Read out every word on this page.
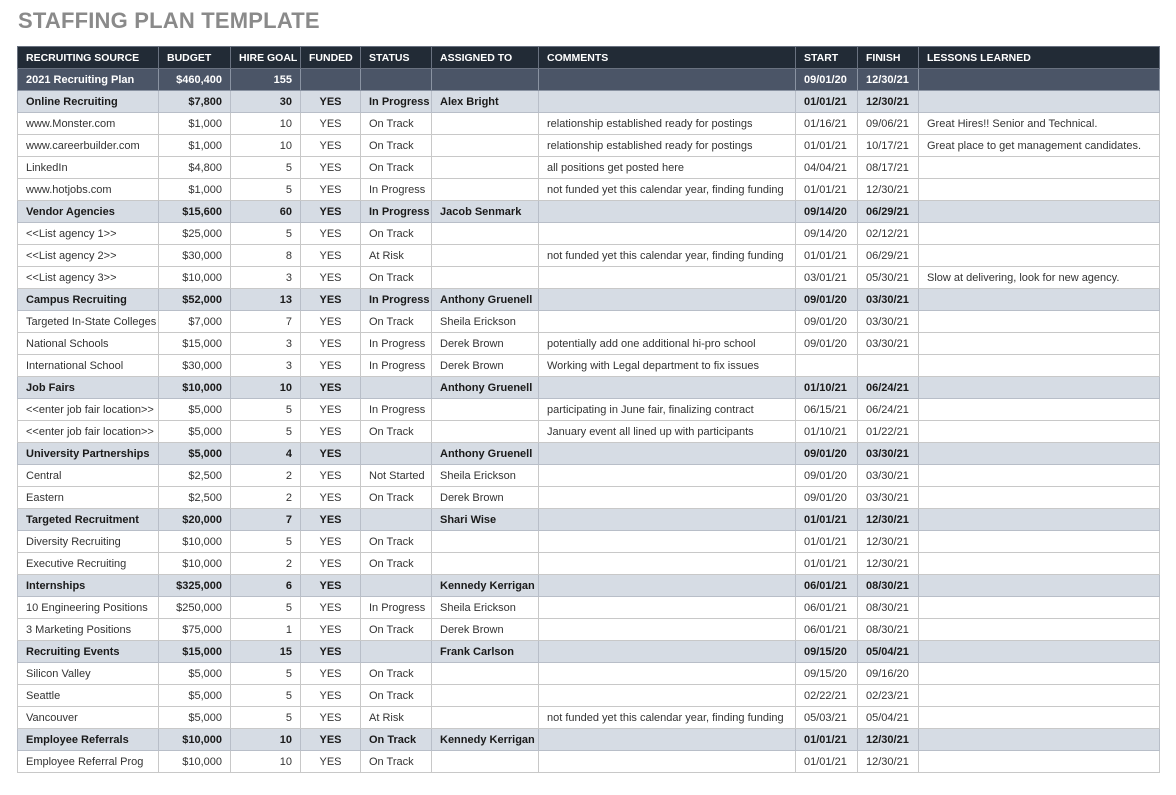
STAFFING PLAN TEMPLATE
RECRUITING SOURCE	BUDGET	HIRE GOAL	FUNDED	STATUS	ASSIGNED TO	COMMENTS	START	FINISH	LESSONS LEARNED
2021 Recruiting Plan	$460,400	155					09/01/20	12/30/21	
Online Recruiting	$7,800	30	YES	In Progress	Alex Bright		01/01/21	12/30/21	
www.Monster.com	$1,000	10	YES	On Track		relationship established ready for postings	01/16/21	09/06/21	Great Hires!! Senior and Technical.
www.careerbuilder.com	$1,000	10	YES	On Track		relationship established ready for postings	01/01/21	10/17/21	Great place to get management candidates.
LinkedIn	$4,800	5	YES	On Track		all positions get posted here	04/04/21	08/17/21	
www.hotjobs.com	$1,000	5	YES	In Progress		not funded yet this calendar year, finding funding	01/01/21	12/30/21	
Vendor Agencies	$15,600	60	YES	In Progress	Jacob Senmark		09/14/20	06/29/21	
<<List agency 1>>	$25,000	5	YES	On Track			09/14/20	02/12/21	
<<List agency 2>>	$30,000	8	YES	At Risk		not funded yet this calendar year, finding funding	01/01/21	06/29/21	
<<List agency 3>>	$10,000	3	YES	On Track			03/01/21	05/30/21	Slow at delivering, look for new agency.
Campus Recruiting	$52,000	13	YES	In Progress	Anthony Gruenell		09/01/20	03/30/21	
Targeted In-State Colleges	$7,000	7	YES	On Track	Sheila Erickson		09/01/20	03/30/21	
National Schools	$15,000	3	YES	In Progress	Derek Brown	potentially add one additional hi-pro school	09/01/20	03/30/21	
International School	$30,000	3	YES	In Progress	Derek Brown	Working with Legal department to fix issues			
Job Fairs	$10,000	10	YES		Anthony Gruenell		01/10/21	06/24/21	
<<enter job fair location>>	$5,000	5	YES	In Progress		participating in June fair, finalizing contract	06/15/21	06/24/21	
<<enter job fair location>>	$5,000	5	YES	On Track		January event all lined up with participants	01/10/21	01/22/21	
University Partnerships	$5,000	4	YES		Anthony Gruenell		09/01/20	03/30/21	
Central	$2,500	2	YES	Not Started	Sheila Erickson		09/01/20	03/30/21	
Eastern	$2,500	2	YES	On Track	Derek Brown		09/01/20	03/30/21	
Targeted Recruitment	$20,000	7	YES		Shari Wise		01/01/21	12/30/21	
Diversity Recruiting	$10,000	5	YES	On Track			01/01/21	12/30/21	
Executive Recruiting	$10,000	2	YES	On Track			01/01/21	12/30/21	
Internships	$325,000	6	YES		Kennedy Kerrigan		06/01/21	08/30/21	
10 Engineering Positions	$250,000	5	YES	In Progress	Sheila Erickson		06/01/21	08/30/21	
3 Marketing Positions	$75,000	1	YES	On Track	Derek Brown		06/01/21	08/30/21	
Recruiting Events	$15,000	15	YES		Frank Carlson		09/15/20	05/04/21	
Silicon Valley	$5,000	5	YES	On Track			09/15/20	09/16/20	
Seattle	$5,000	5	YES	On Track			02/22/21	02/23/21	
Vancouver	$5,000	5	YES	At Risk		not funded yet this calendar year, finding funding	05/03/21	05/04/21	
Employee Referrals	$10,000	10	YES	On Track	Kennedy Kerrigan		01/01/21	12/30/21	
Employee Referral Prog	$10,000	10	YES	On Track			01/01/21	12/30/21	
